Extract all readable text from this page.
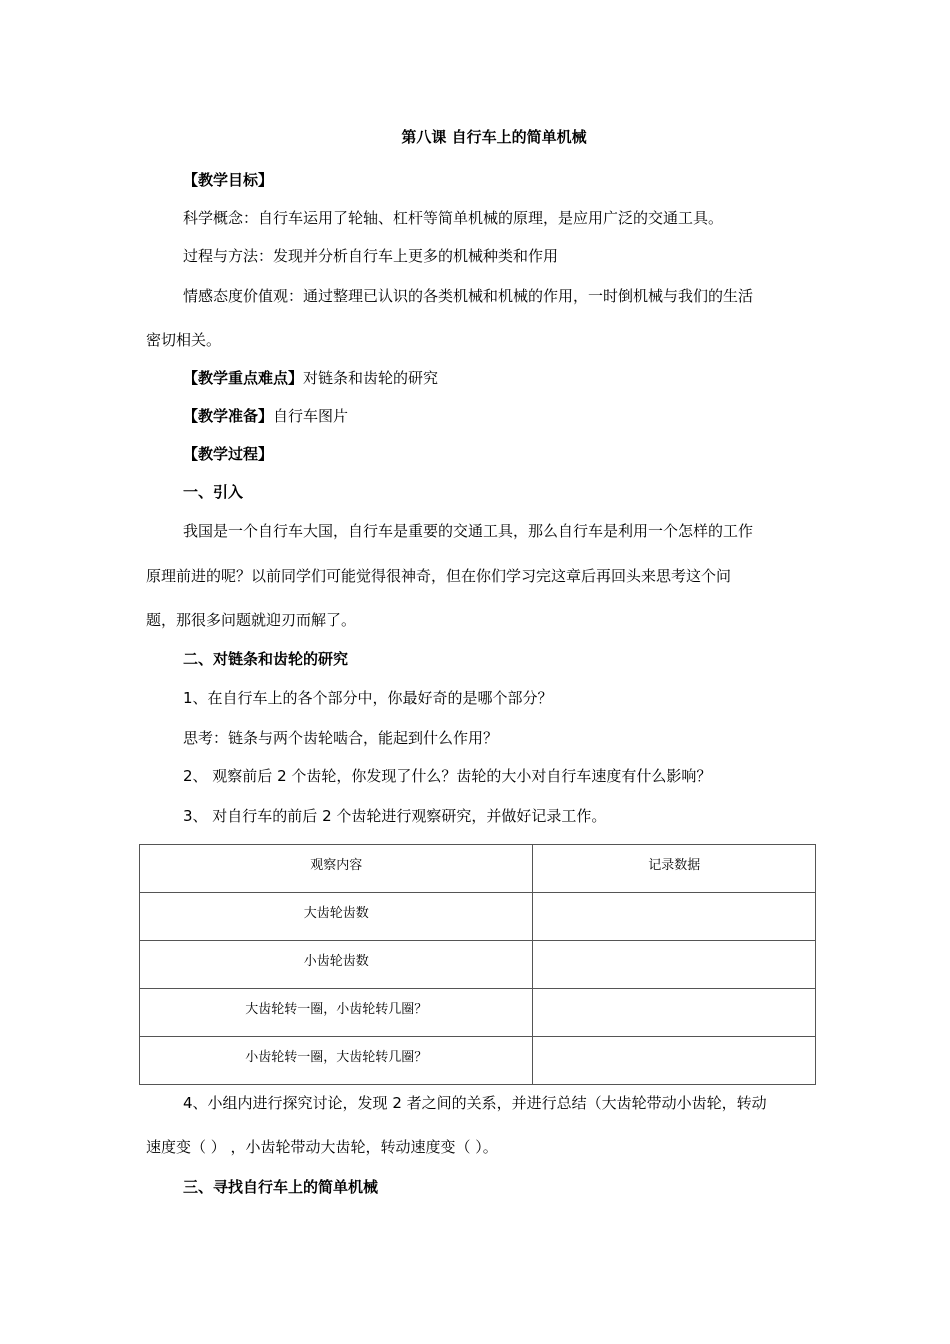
第八课 自行车上的简单机械
【教学目标】
科学概念：自行车运用了轮轴、杠杆等简单机械的原理，是应用广泛的交通工具。
过程与方法：发现并分析自行车上更多的机械种类和作用
情感态度价值观：通过整理已认识的各类机械和机械的作用，一时倒机械与我们的生活
密切相关。
【教学重点难点】对链条和齿轮的研究
【教学准备】自行车图片
【教学过程】
一、引入
我国是一个自行车大国，自行车是重要的交通工具，那么自行车是利用一个怎样的工作
原理前进的呢？以前同学们可能觉得很神奇，但在你们学习完这章后再回头来思考这个问
题，那很多问题就迎刃而解了。
二、对链条和齿轮的研究
1、在自行车上的各个部分中，你最好奇的是哪个部分？
思考：链条与两个齿轮啮合，能起到什么作用？
2、 观察前后 2 个齿轮，你发现了什么？齿轮的大小对自行车速度有什么影响？
3、 对自行车的前后 2 个齿轮进行观察研究，并做好记录工作。
观察内容	记录数据

大齿轮齿数	

小齿轮齿数	

大齿轮转一圈，小齿轮转几圈？	

小齿轮转一圈，大齿轮转几圈？	

4、小组内进行探究讨论，发现 2 者之间的关系，并进行总结（大齿轮带动小齿轮，转动
速度变（ ） ，小齿轮带动大齿轮，转动速度变（ ）。
三、寻找自行车上的简单机械
